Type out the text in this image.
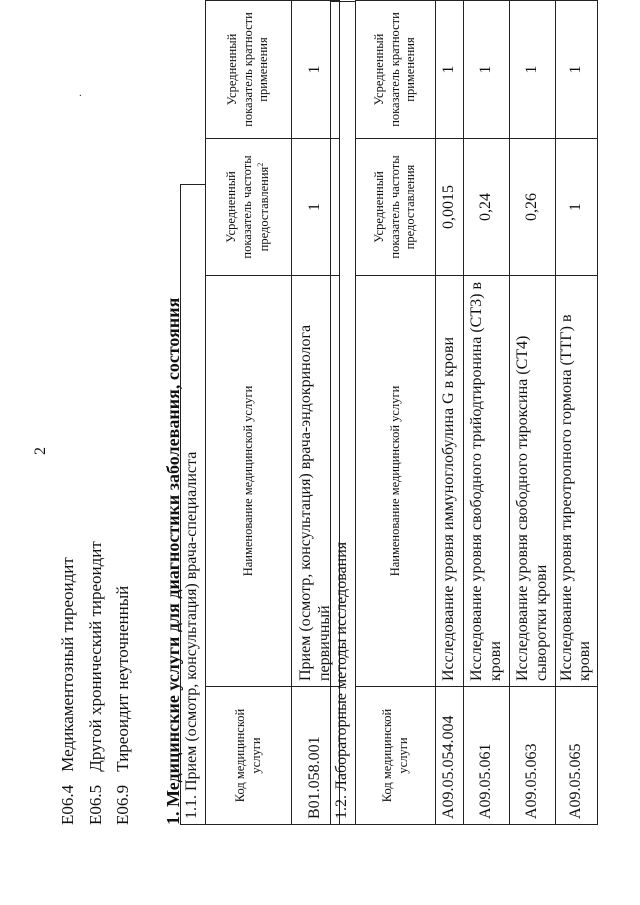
2
·
E06.4 Медикаментозный тиреоидит
E06.5 Другой хронический тиреоидит
E06.9 Тиреоидит неуточненный 1. Медицинские услуги для диагностики заболевания, состояния 1.1. Прием (осмотр, консультация) врача-специалиста	Код медицинской услуги	Наименование медицинской услуги	Усредненный показатель частоты предоставления$^2$	Усредненный показатель кратности применения
B01.058.001	Прием (осмотр, консультация) врача-эндокринолога первичный	1	1
1.2. Лабораторные методы исследования Код медицинской услуги	Наименование медицинской услуги	Усредненный показатель частоты предоставления	Усредненный показатель кратности применения
A09.05.054.004	Исследование уровня иммуноглобулина G в крови	0,0015	1
A09.05.061	Исследование уровня свободного трийодтиронина (СТ3) в крови	0,24	1
A09.05.063	Исследование уровня свободного тироксина (СТ4) сыворотки крови	0,26	1
A09.05.065	Исследование уровня тиреотропного гормона (ТТГ) в крови	1	1
